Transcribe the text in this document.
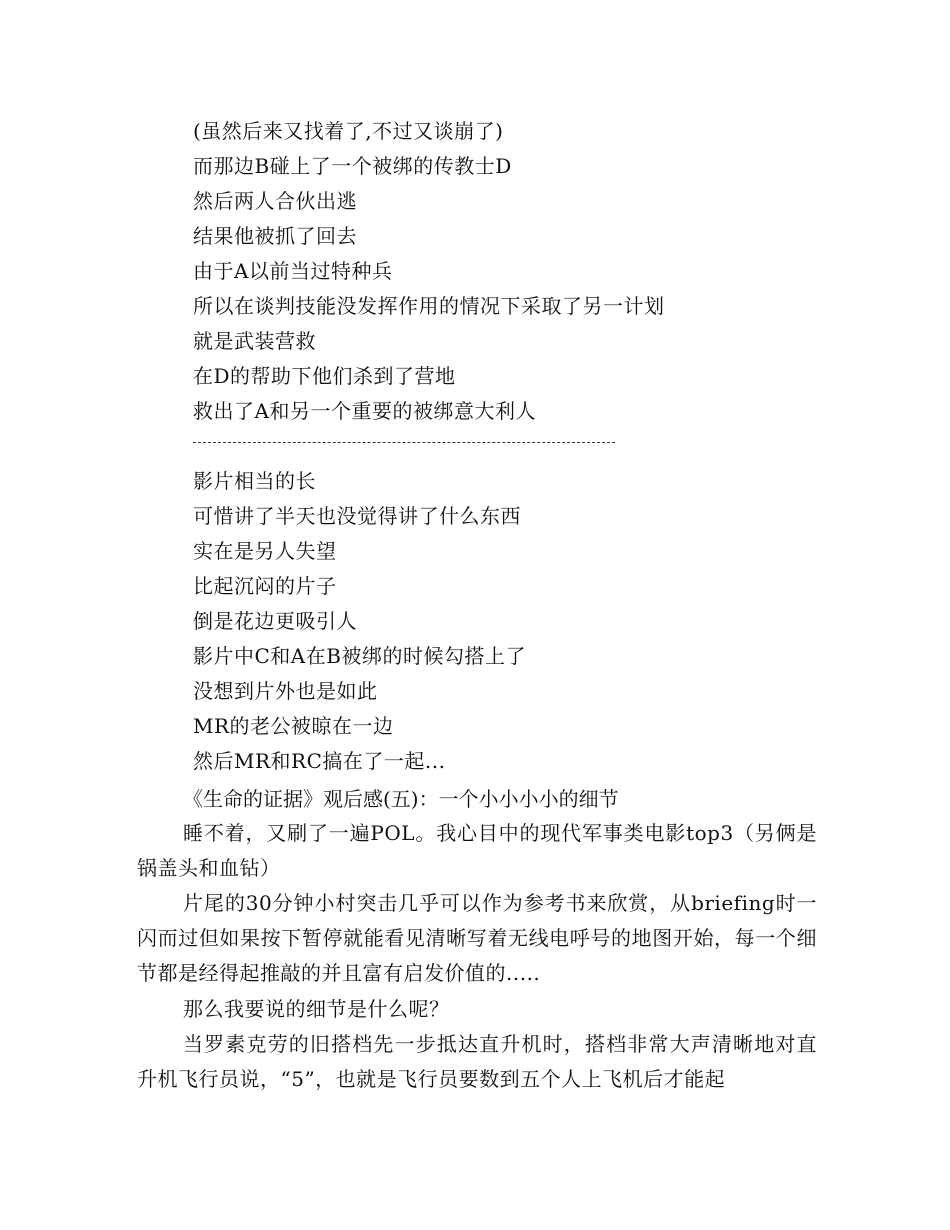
(虽然后来又找着了,不过又谈崩了)
而那边B碰上了一个被绑的传教士D
然后两人合伙出逃
结果他被抓了回去
由于A以前当过特种兵
所以在谈判技能没发挥作用的情况下采取了另一计划
就是武装营救
在D的帮助下他们杀到了营地
救出了A和另一个重要的被绑意大利人
影片相当的长
可惜讲了半天也没觉得讲了什么东西
实在是另人失望
比起沉闷的片子
倒是花边更吸引人
影片中C和A在B被绑的时候勾搭上了
没想到片外也是如此
MR的老公被晾在一边
然后MR和RC搞在了一起...
《生命的证据》观后感(五)：一个小小小小的细节
睡不着，又刷了一遍POL。我心目中的现代军事类电影top3（另俩是锅盖头和血钻）
片尾的30分钟小村突击几乎可以作为参考书来欣赏，从briefing时一闪而过但如果按下暂停就能看见清晰写着无线电呼号的地图开始，每一个细节都是经得起推敲的并且富有启发价值的.....
那么我要说的细节是什么呢？
当罗素克劳的旧搭档先一步抵达直升机时，搭档非常大声清晰地对直升机飞行员说，“5”，也就是飞行员要数到五个人上飞机后才能起
